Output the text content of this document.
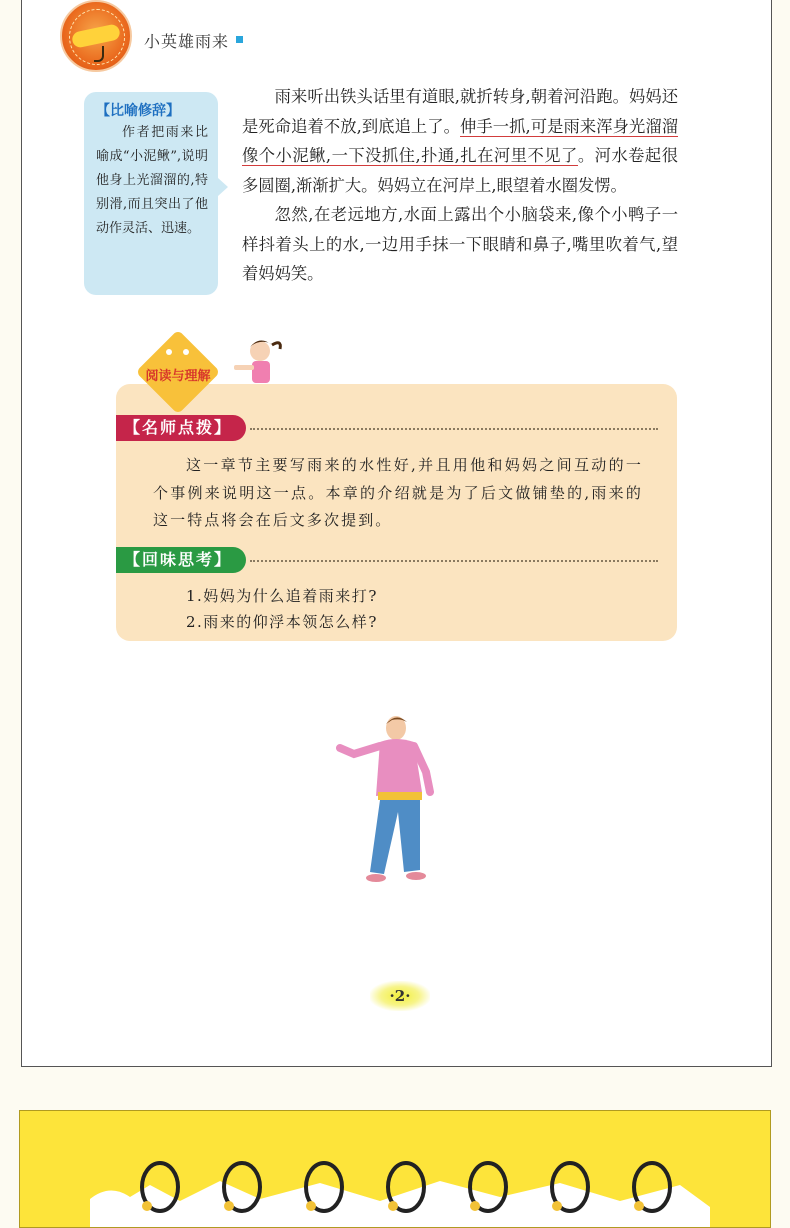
小英雄雨来
【比喻修辞】
作者把雨来比喻成“小泥鳅”,说明他身上光溜溜的,特别滑,而且突出了他动作灵活、迅速。

雨来听出铁头话里有道眼,就折转身,朝着河沿跑。妈妈还是死命追着不放,到底追上了。伸手一抓,可是雨来浑身光溜溜像个小泥鳅,一下没抓住,扑通,扎在河里不见了。河水卷起很多圆圈,渐渐扩大。妈妈立在河岸上,眼望着水圈发愣。

忽然,在老远地方,水面上露出个小脑袋来,像个小鸭子一样抖着头上的水,一边用手抹一下眼睛和鼻子,嘴里吹着气,望着妈妈笑。

阅读与理解
【名师点拨】

这一章节主要写雨来的水性好,并且用他和妈妈之间互动的一个事例来说明这一点。本章的介绍就是为了后文做铺垫的,雨来的这一特点将会在后文多次提到。

【回味思考】
1.妈妈为什么追着雨来打?
2.雨来的仰浮本领怎么样?
·2·
